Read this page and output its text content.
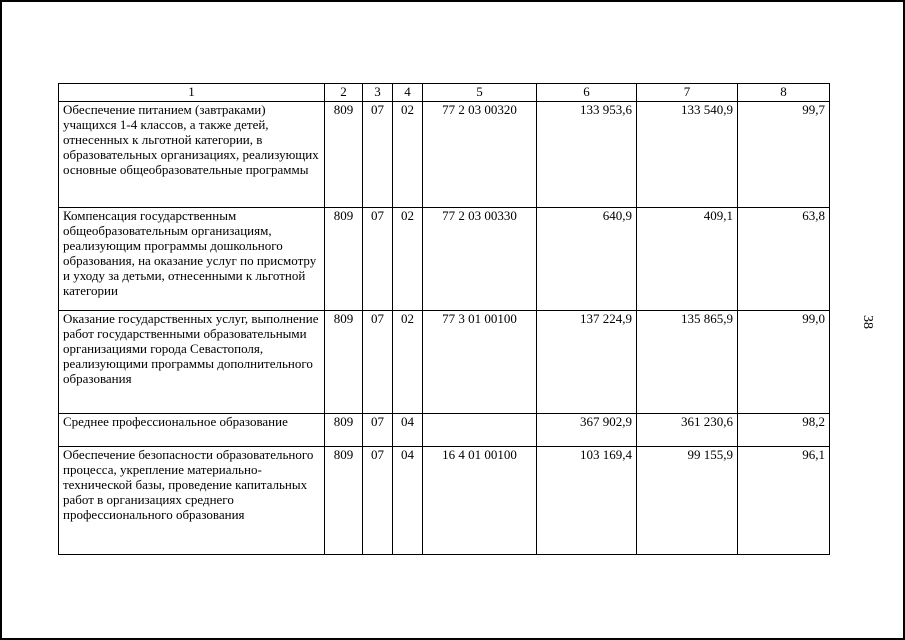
1	2	3	4	5	6	7	8
Обеспечение питанием (завтраками) учащихся 1-4 классов, а также детей, отнесенных к льготной категории, в образовательных организациях, реализующих основные общеобразовательные программы	809	07	02	77 2 03 00320	133 953,6	133 540,9	99,7
Компенсация государственным общеобразовательным организациям, реализующим программы дошкольного образования, на оказание услуг по присмотру и уходу за детьми, отнесенными к льготной категории	809	07	02	77 2 03 00330	640,9	409,1	63,8
Оказание государственных услуг, выполнение работ государственными образовательными организациями города Севастополя, реализующими программы дополнительного образования	809	07	02	77 3 01 00100	137 224,9	135 865,9	99,0
Среднее профессиональное образование	809	07	04		367 902,9	361 230,6	98,2
Обеспечение безопасности образовательного процесса, укрепление материально-технической базы, проведение капитальных работ в организациях среднего профессионального образования	809	07	04	16 4 01 00100	103 169,4	99 155,9	96,1
38
